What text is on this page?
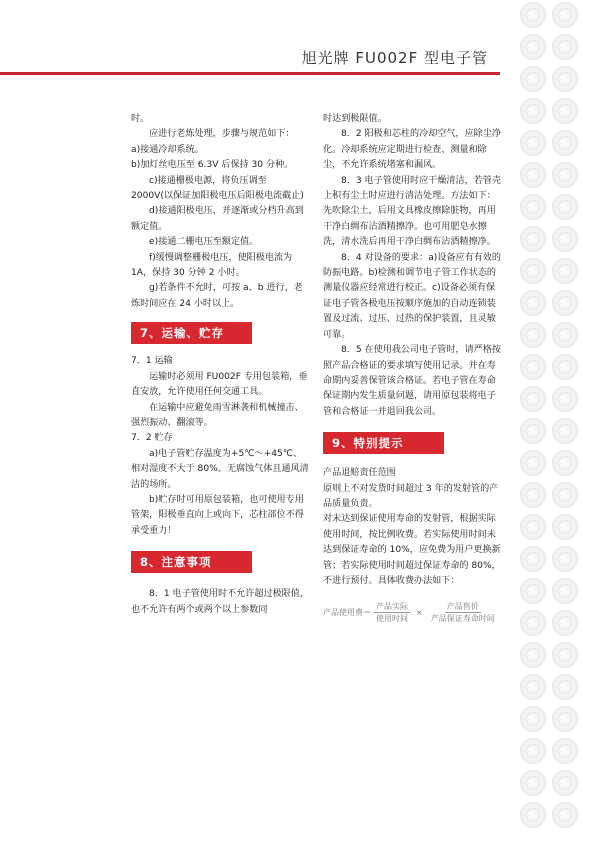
旭光牌 FU002F 型电子管

时。

应进行老炼处理，步骤与规范如下：

a)接通冷却系统。

b)加灯丝电压至 6.3V 后保持 30 分种。

c)接通栅极电源，将负压调至 2000V(以保证加阳极电压后阳极电流截止)

d)接通阳极电压，并逐渐或分档升高到额定值。

e)接通二栅电压至额定值。

f)缓慢调整栅极电压，使阳极电流为 1A，保持 30 分钟 2 小时。

g)若条件不允时，可按 a、b 进行，老炼时间应在 24 小时以上。

7、运输、贮存

7．1 运输

运输时必须用 FU002F 专用包装箱，垂直安放，允许使用任何交通工具。

在运输中应避免雨雪淋袭和机械撞击、强烈振动、翻滚等。

7．2 贮存

a)电子管贮存温度为+5℃～+45℃、相对湿度不大于 80%、无腐蚀气体且通风清洁的场所。

b)贮存时可用原包装箱，也可使用专用管架，阳极垂直向上或向下，芯柱部位不得承受重力！

8、注意事项

8．1 电子管使用时不允许超过极限值，也不允许有两个或两个以上参数同

时达到极限值。

8．2 阳极和芯柱的冷却空气，应除尘净化。冷却系统应定期进行检查、测量和除尘，不允许系统堵塞和漏风。

8．3 电子管使用时应干燥清洁，若管壳上积有尘土时应进行清洁处理。方法如下：先吹除尘土，后用文具橡皮擦除脏物，再用干净白绸布沾酒精擦净。也可用肥皂水擦洗，清水洗后再用干净白绸布沾酒精擦净。

8．4 对设备的要求：a)设备应有有效的防振电路。b)检测和调节电子管工作状态的测量仪器应经常进行校正。c)设备必须有保证电子管各极电压按顺序施加的自动连锁装置及过流、过压、过热的保护装置，且灵敏可靠。

8．5 在使用我公司电子管时，请严格按照产品合格证的要求填写使用记录。并在寿命期内妥善保管该合格证。若电子管在寿命保证期内发生质量问题，请用原包装将电子管和合格证一并退回我公司。

9、特别提示

产品退赔责任范围

原则上不对发货时间超过 3 年的发射管的产品质量负责。

对未达到保证使用寿命的发射管，根据实际使用时间，按比例收费。若实际使用时间未达到保证寿命的 10%，应免费为用户更换新管；若实际使用时间超过保证寿命的 80%，不进行预付。具体收费办法如下：

产品使用费＝ $\frac{\text{产品实际}}{\text{使用时间}} \times \frac{\text{产品售价}}{\text{产品保证寿命时间}}$
